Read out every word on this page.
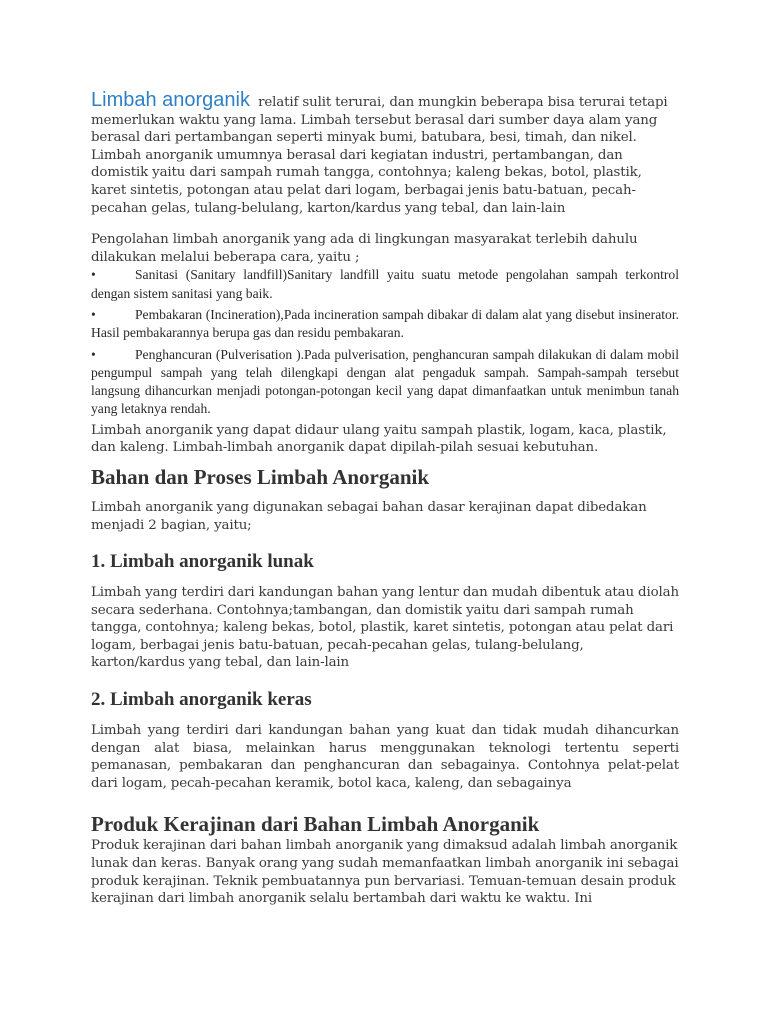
Limbah anorganik relatif sulit terurai, dan mungkin beberapa bisa terurai tetapi memerlukan waktu yang lama. Limbah tersebut berasal dari sumber daya alam yang berasal dari pertambangan seperti minyak bumi, batubara, besi, timah, dan nikel. Limbah anorganik umumnya berasal dari kegiatan industri, pertambangan, dan domistik yaitu dari sampah rumah tangga, contohnya; kaleng bekas, botol, plastik, karet sintetis, potongan atau pelat dari logam, berbagai jenis batu-batuan, pecah-pecahan gelas, tulang-belulang, karton/kardus yang tebal, dan lain-lain

Pengolahan limbah anorganik yang ada di lingkungan masyarakat terlebih dahulu dilakukan melalui beberapa cara, yaitu ;

•	Sanitasi (Sanitary landfill)Sanitary landfill yaitu suatu metode pengolahan sampah terkontrol dengan sistem sanitasi yang baik.

•	Pembakaran (Incineration),Pada incineration sampah dibakar di dalam alat yang disebut insinerator. Hasil pembakarannya berupa gas dan residu pembakaran.

•	Penghancuran (Pulverisation ).Pada pulverisation, penghancuran sampah dilakukan di dalam mobil pengumpul sampah yang telah dilengkapi dengan alat pengaduk sampah. Sampah-sampah tersebut langsung dihancurkan menjadi potongan-potongan kecil yang dapat dimanfaatkan untuk menimbun tanah yang letaknya rendah.

Limbah anorganik yang dapat didaur ulang yaitu sampah plastik, logam, kaca, plastik, dan kaleng. Limbah-limbah anorganik dapat dipilah-pilah sesuai kebutuhan.

Bahan dan Proses Limbah Anorganik

Limbah anorganik yang digunakan sebagai bahan dasar kerajinan dapat dibedakan menjadi 2 bagian, yaitu;

1. Limbah anorganik lunak

Limbah yang terdiri dari kandungan bahan yang lentur dan mudah dibentuk atau diolah secara sederhana. Contohnya;tambangan, dan domistik yaitu dari sampah rumah tangga, contohnya; kaleng bekas, botol, plastik, karet sintetis, potongan atau pelat dari logam, berbagai jenis batu-batuan, pecah-pecahan gelas, tulang-belulang, karton/kardus yang tebal, dan lain-lain

2. Limbah anorganik keras

Limbah yang terdiri dari kandungan bahan yang kuat dan tidak mudah dihancurkan dengan alat biasa, melainkan harus menggunakan teknologi tertentu seperti pemanasan, pembakaran dan penghancuran dan sebagainya. Contohnya pelat-pelat dari logam, pecah-pecahan keramik, botol kaca, kaleng, dan sebagainya

Produk Kerajinan dari Bahan Limbah Anorganik

Produk kerajinan dari bahan limbah anorganik yang dimaksud adalah limbah anorganik lunak dan keras. Banyak orang yang sudah memanfaatkan limbah anorganik ini sebagai produk kerajinan. Teknik pembuatannya pun bervariasi. Temuan-temuan desain produk kerajinan dari limbah anorganik selalu bertambah dari waktu ke waktu. Ini
